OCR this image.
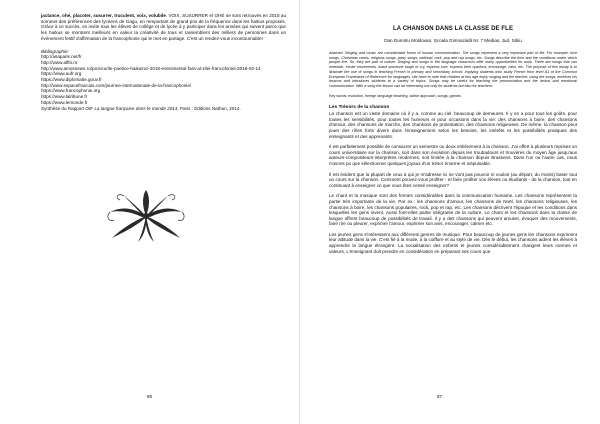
jactance, ohé, placoter, susurrer, truculent, voix, volubile. VOIX, SUSURRER et OHÉ se sont retrouvés en 2018 au sommet des préférences des lycéens de Gagu, en remportant de grand prix de la fréquence dans les haïkus proposés. Grâce à ce succès, on invite tous les élèves de collège et de lycée à y participer dans les années qui suivent parce que les haïkus se montrent meilleurs en valeur la créativité de tous et rassemblent des milliers de personnes dans un événement festif d'affirmation de la francophonie qui le met en partage. C'est un rendez-vous incontournable!

Bibliographie:

http://asaparis.net/fr
http://www.alfbi.ro
http://www.amosnews.ro/picnicurile-poetice-haikuinci-2018-evenimentul-fara-al-zilei-francofoniei-2018-03-14
https://www.aufr.org
https://www.diplomatie.gouv.fr
http://www.espacefrancais.com/journee-internationale-de-la-francophonie/
https://www.francophonie.org
https://www.lalribune.fr
https://www.lemonde.fr
Synthèse du Rapport OIF La langue française dans le monde 2014, Paris : Éditions Nathan, 2014.
86
LA CHANSON DANS LA CLASSE DE FLE
Dan Dumitru Moldovan, Școala Gimnazială Nr. 7 Medias, Jud. Sibiu

Abstract: Singing and music are considerable forms of human communication. The songs represent a very important part of life. For example: love songs, Christmas carols, religious songs, party songs, national, rock, pop and rap songs, etc. Songs describe the time and the conditions under which people live. So, they are part of culture. Singing and songs in the language classroom offer many opportunities for work. There are songs that can entertain, evoke movements, make someone laugh or cry, express love, express their opinions, encourage, calm, etc. The purpose of this essay is to illustrate the use of songs in teaching French in primary and secondary school, implying students who study French from level A1 of the Common European Framework of Reference for languages. We have to note that children at this age enjoy singing and the teacher, using the songs, enriches his lessons and introduces students to a variety of topics. Songs may be useful for teaching the pronunciation and the lexical and emotional communication. With a song the lesson can be interesting not only for students but also for teachers.

Key words: evolution, foreign language teaching, active approach, songs, games.

Les Trésors de la chanson

La chanson est un vaste domaine où il y a, comme au ciel, beaucoup de demeures. Il y en a pour tous les goûts, pour toutes les sensibilités, pour toutes les humeurs et pour occasions dans la vie: des chansons à boire, des chansons d'amour, des chansons de marche, des chansons de protestation, des chansons religieuses. De même, la chanson peut jouer des rôles forts divers dans l'enseignement selon les besoins, les intérêts et les possibilités pratiques des enseignants et des apprenants.

Il est parfaitement possible de consacrer un semestre ou deux entièrement à la chanson. J'ai offert à plusieurs reprises un cours universitaire sur la chanson, soit dans son évolution depuis les troubadours et trouvères du moyen âge jusqu'aux auteurs-compositeurs-interprètes modernes; soit limitée à la chanson depuis Brassens. Dans l'un ou l'autre cas, nous n'avons pu que sélectionner quelques joyaux d'un trésor énorme et inépuisable.

Il est évident que la plupart de ceux à qui je m'adresse ici ne vont pas pouvoir ni vouloir (au départ, du moins) baser tout un cours sur la chanson. Comment pouvez-vous profiter - et faire profiter vos élèves ou étudiants - de la chanson, tout en continuant à enseigner ce que vous êtes censé enseigner?

Le chant et la musique sont des formes considérables dans la communication humaine. Les chansons représentent la partie très importante de la vie. Par ex.: les chansons d'amour, les chansons de Noël, les chansons religieuses, les chansons à boire, les chansons populaires, rock, pop et rap, etc. Les chansons décrivent l'époque et les conditions dans lesquelles les gens vivent. Aussi font-elles partie intégrante de la culture. Le chant et les chansons dans la classe de langue offrent beaucoup de possibilités de travail. Il y a des chansons qui peuvent amuser, évoquer des mouvements, faire rire ou pleurer, exprimer l'amour, exprimer son avis, encourager, calmer etc.

Les jeunes gens s'intéressent aux différents genres de musique. Pour beaucoup de jeunes gens les chansons expriment leur attitude dans la vie. C'est fié à la mode, à la coiffure et au style de vie. Dès le début, les chansons aident les élèves à apprendre la langue étrangère. La socialisation des enfants et jeunes considérablement changent leurs normes et valeurs. L'enseignant doit prendre en considération en préparant ses cours que

87
